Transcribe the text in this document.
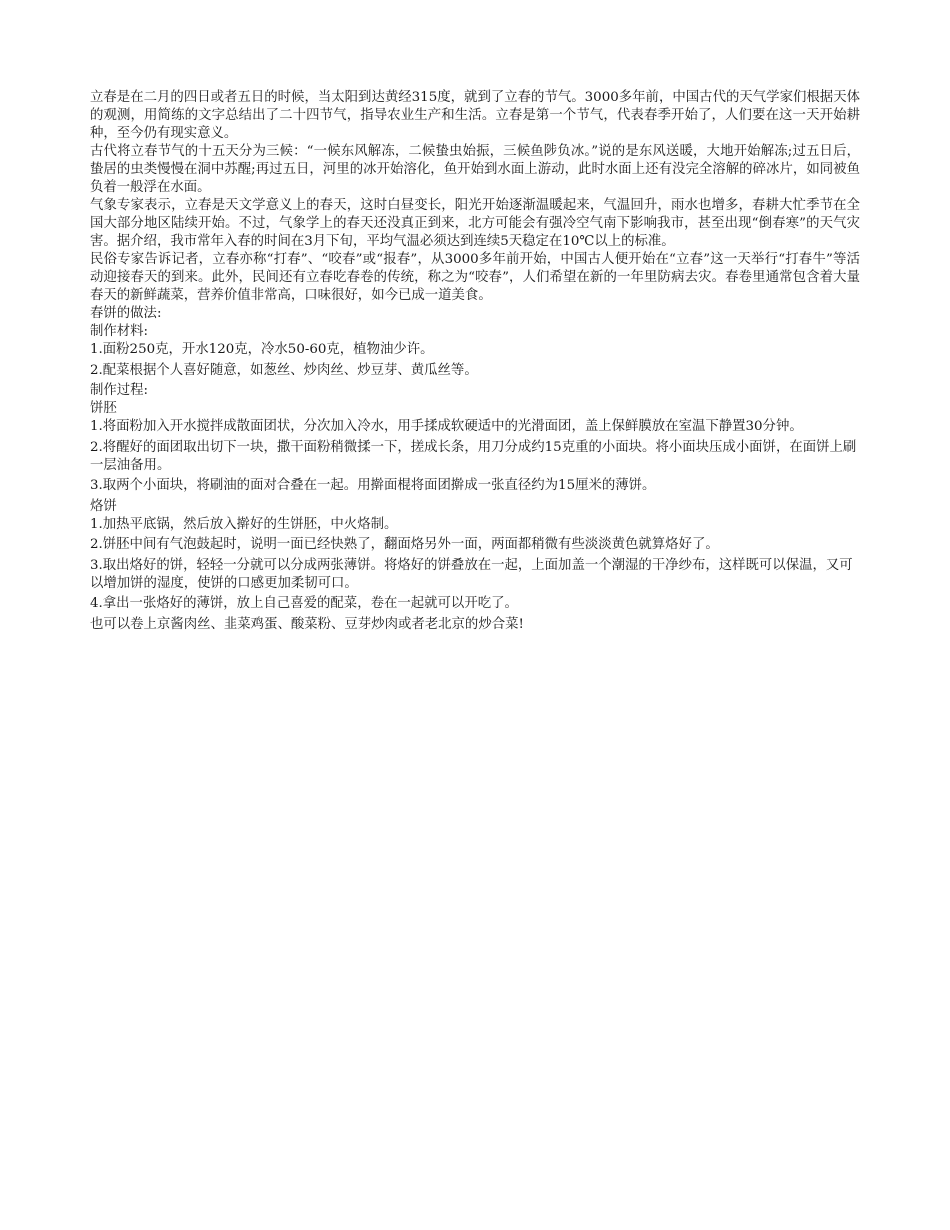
立春是在二月的四日或者五日的时候，当太阳到达黄经315度，就到了立春的节气。3000多年前，中国古代的天气学家们根据天体的观测，用简练的文字总结出了二十四节气，指导农业生产和生活。立春是第一个节气，代表春季开始了，人们要在这一天开始耕种，至今仍有现实意义。

古代将立春节气的十五天分为三候：“一候东风解冻，二候蛰虫始振，三候鱼陟负冰。”说的是东风送暖，大地开始解冻;过五日后，蛰居的虫类慢慢在洞中苏醒;再过五日，河里的冰开始溶化，鱼开始到水面上游动，此时水面上还有没完全溶解的碎冰片，如同被鱼负着一般浮在水面。

气象专家表示，立春是天文学意义上的春天，这时白昼变长，阳光开始逐渐温暖起来，气温回升，雨水也增多，春耕大忙季节在全国大部分地区陆续开始。不过，气象学上的春天还没真正到来，北方可能会有强冷空气南下影响我市，甚至出现“倒春寒”的天气灾害。据介绍，我市常年入春的时间在3月下旬，平均气温必须达到连续5天稳定在10℃以上的标准。

民俗专家告诉记者，立春亦称“打春”、“咬春”或“报春”，从3000多年前开始，中国古人便开始在“立春”这一天举行“打春牛”等活动迎接春天的到来。此外，民间还有立春吃春卷的传统，称之为“咬春”，人们希望在新的一年里防病去灾。春卷里通常包含着大量春天的新鲜蔬菜，营养价值非常高，口味很好，如今已成一道美食。

春饼的做法:

制作材料:

1.面粉250克，开水120克，冷水50-60克，植物油少许。

2.配菜根据个人喜好随意，如葱丝、炒肉丝、炒豆芽、黄瓜丝等。

制作过程:

饼胚

1.将面粉加入开水搅拌成散面团状，分次加入冷水，用手揉成软硬适中的光滑面团，盖上保鲜膜放在室温下静置30分钟。

2.将醒好的面团取出切下一块，撒干面粉稍微揉一下，搓成长条，用刀分成约15克重的小面块。将小面块压成小面饼，在面饼上刷一层油备用。

3.取两个小面块，将刷油的面对合叠在一起。用擀面棍将面团擀成一张直径约为15厘米的薄饼。

烙饼

1.加热平底锅，然后放入擀好的生饼胚，中火烙制。

2.饼胚中间有气泡鼓起时，说明一面已经快熟了，翻面烙另外一面，两面都稍微有些淡淡黄色就算烙好了。

3.取出烙好的饼，轻轻一分就可以分成两张薄饼。将烙好的饼叠放在一起，上面加盖一个潮湿的干净纱布，这样既可以保温，又可以增加饼的湿度，使饼的口感更加柔韧可口。

4.拿出一张烙好的薄饼，放上自己喜爱的配菜，卷在一起就可以开吃了。

也可以卷上京酱肉丝、韭菜鸡蛋、酸菜粉、豆芽炒肉或者老北京的炒合菜!
